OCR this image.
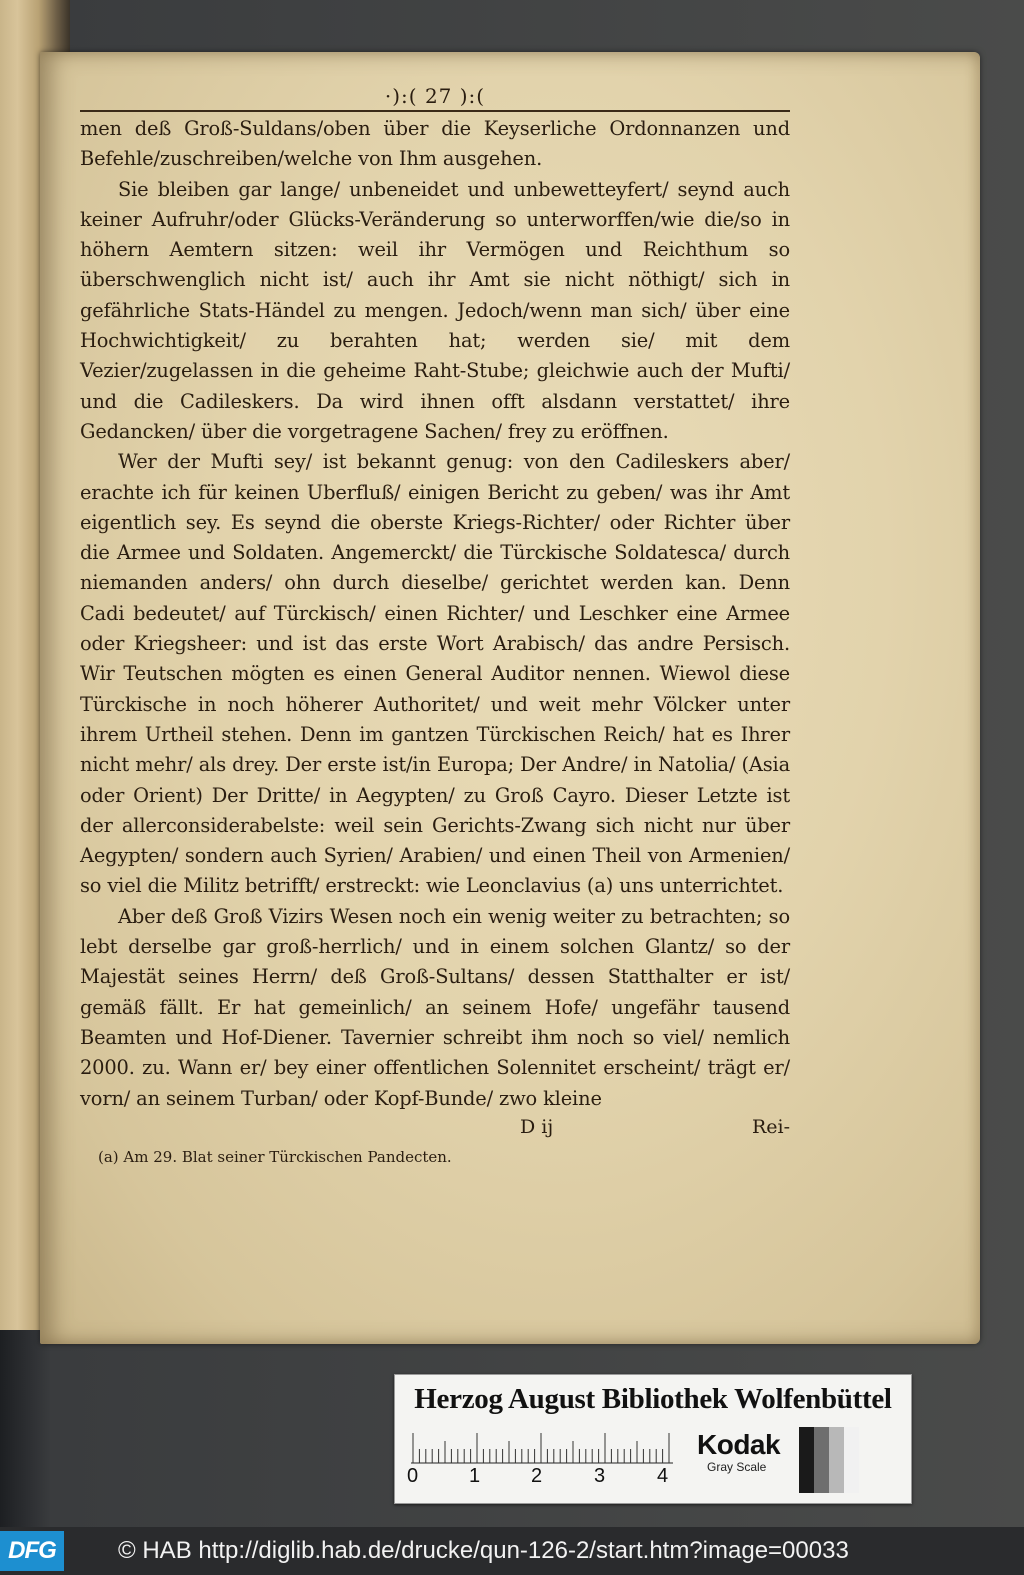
·):( 27 ):(

men deß Groß-Suldans/oben über die Keyserliche Ordonnanzen und Befehle/zuschreiben/welche von Ihm ausgehen.

Sie bleiben gar lange/ unbeneidet und unbewetteyfert/ seynd auch keiner Aufruhr/oder Glücks-Veränderung so unterworffen/wie die/so in höhern Aemtern sitzen: weil ihr Vermögen und Reichthum so überschwenglich nicht ist/ auch ihr Amt sie nicht nöthigt/ sich in gefährliche Stats-Händel zu mengen. Jedoch/wenn man sich/ über eine Hochwichtigkeit/ zu berahten hat; werden sie/ mit dem Vezier/zugelassen in die geheime Raht-Stube; gleichwie auch der Mufti/ und die Cadileskers. Da wird ihnen offt alsdann verstattet/ ihre Gedancken/ über die vorgetragene Sachen/ frey zu eröffnen.

Wer der Mufti sey/ ist bekannt genug: von den Cadileskers aber/ erachte ich für keinen Uberfluß/ einigen Bericht zu geben/ was ihr Amt eigentlich sey. Es seynd die oberste Kriegs-Richter/ oder Richter über die Armee und Soldaten. Angemerckt/ die Türckische Soldatesca/ durch niemanden anders/ ohn durch dieselbe/ gerichtet werden kan. Denn Cadi bedeutet/ auf Türckisch/ einen Richter/ und Leschker eine Armee oder Kriegsheer: und ist das erste Wort Arabisch/ das andre Persisch. Wir Teutschen mögten es einen General Auditor nennen. Wiewol diese Türckische in noch höherer Authoritet/ und weit mehr Völcker unter ihrem Urtheil stehen. Denn im gantzen Türckischen Reich/ hat es Ihrer nicht mehr/ als drey. Der erste ist/in Europa; Der Andre/ in Natolia/ (Asia oder Orient) Der Dritte/ in Aegypten/ zu Groß Cayro. Dieser Letzte ist der allerconsiderabelste: weil sein Gerichts-Zwang sich nicht nur über Aegypten/ sondern auch Syrien/ Arabien/ und einen Theil von Armenien/ so viel die Militz betrifft/ erstreckt: wie Leonclavius (a) uns unterrichtet.

Aber deß Groß Vizirs Wesen noch ein wenig weiter zu betrachten; so lebt derselbe gar groß-herrlich/ und in einem solchen Glantz/ so der Majestät seines Herrn/ deß Groß-Sultans/ dessen Statthalter er ist/ gemäß fällt. Er hat gemeinlich/ an seinem Hofe/ ungefähr tausend Beamten und Hof-Diener. Tavernier schreibt ihm noch so viel/ nemlich 2000. zu. Wann er/ bey einer offentlichen Solennitet erscheint/ trägt er/ vorn/ an seinem Turban/ oder Kopf-Bunde/ zwo kleine

D ij	Rei-
(a) Am 29. Blat seiner Türckischen Pandecten.
Herzog August Bibliothek Wolfenbüttel
0	1	2	3	4
Kodak
Gray Scale
DFG	© HAB http://diglib.hab.de/drucke/qun-126-2/start.htm?image=00033
